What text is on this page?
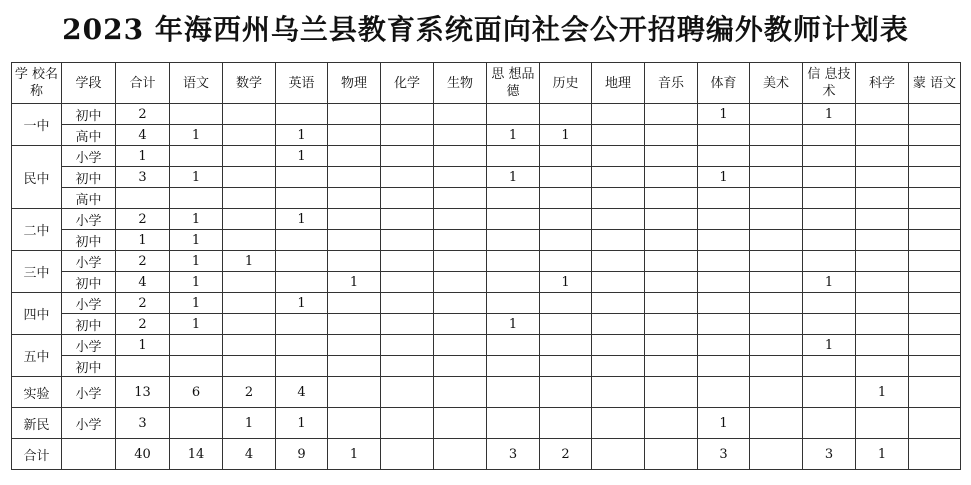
2023 年海西州乌兰县教育系统面向社会公开招聘编外教师计划表
学 校名称	学段	合计	语文	数学	英语	物理	化学	生物	思 想品德	历史	地理	音乐	体育	美术	信 息技术	科学	蒙 语文
一中	初中	2											1		1		
	高中	4	1		1				1	1							
民中	小学	1			1												
	初中	3	1						1				1				
	高中																
二中	小学	2	1		1												
	初中	1	1														
三中	小学	2	1	1													
	初中	4	1			1				1					1		
四中	小学	2	1		1												
	初中	2	1						1								
五中	小学	1													1		
	初中																
实验	小学	13	6	2	4											1	
新民	小学	3		1	1								1				
合计		40	14	4	9	1			3	2			3		3	1	
